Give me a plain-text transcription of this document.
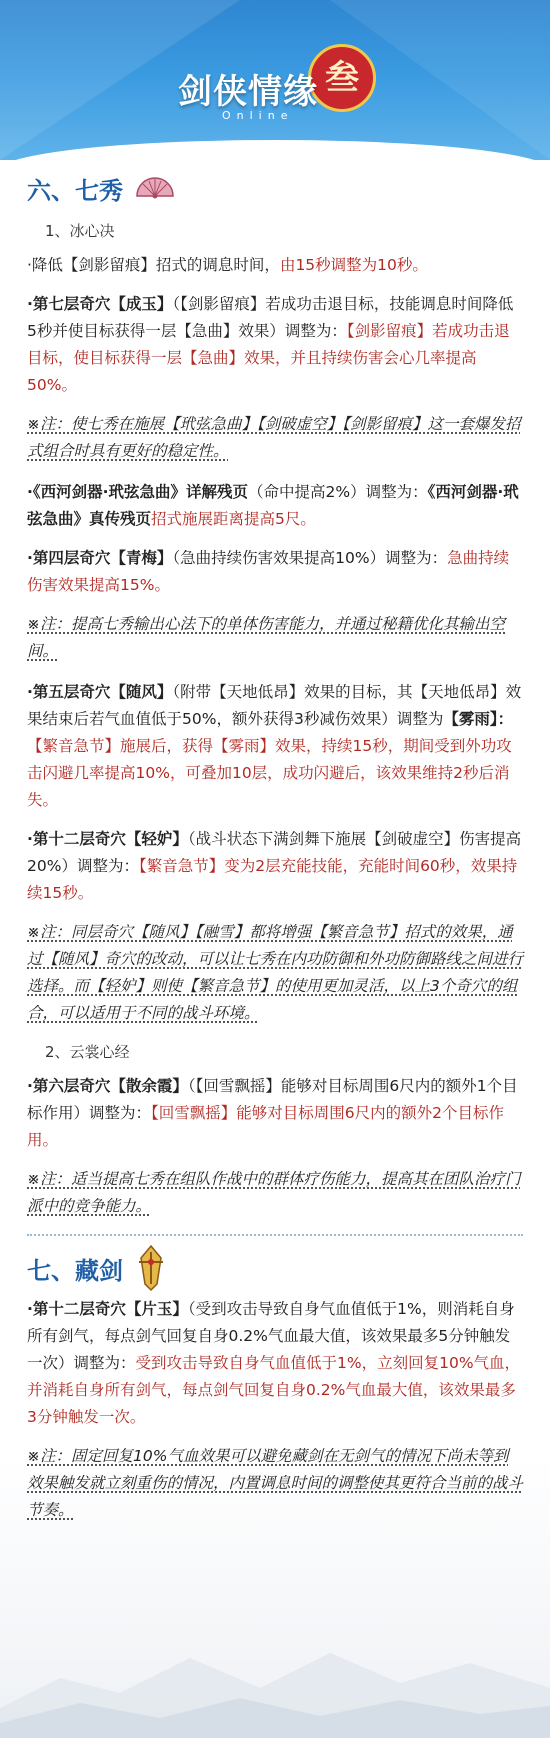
叁
剑侠情缘
Online
六、七秀
1、冰心决

·降低【剑影留痕】招式的调息时间，由15秒调整为10秒。

·第七层奇穴【成玉】（【剑影留痕】若成功击退目标，技能调息时间降低5秒并使目标获得一层【急曲】效果）调整为：【剑影留痕】若成功击退目标，使目标获得一层【急曲】效果，并且持续伤害会心几率提高50%。

※注：使七秀在施展【玳弦急曲】【剑破虚空】【剑影留痕】这一套爆发招式组合时具有更好的稳定性。

·《西河剑器·玳弦急曲》详解残页（命中提高2%）调整为：《西河剑器·玳弦急曲》真传残页招式施展距离提高5尺。

·第四层奇穴【青梅】（急曲持续伤害效果提高10%）调整为：急曲持续伤害效果提高15%。

※注：提高七秀输出心法下的单体伤害能力，并通过秘籍优化其输出空间。

·第五层奇穴【随风】（附带【天地低昂】效果的目标，其【天地低昂】效果结束后若气血值低于50%，额外获得3秒减伤效果）调整为【雾雨】：【繁音急节】施展后，获得【雾雨】效果，持续15秒，期间受到外功攻击闪避几率提高10%，可叠加10层，成功闪避后，该效果维持2秒后消失。

·第十二层奇穴【轻妒】（战斗状态下满剑舞下施展【剑破虚空】伤害提高20%）调整为：【繁音急节】变为2层充能技能，充能时间60秒，效果持续15秒。

※注：同层奇穴【随风】【融雪】都将增强【繁音急节】招式的效果，通过【随风】奇穴的改动，可以让七秀在内功防御和外功防御路线之间进行选择。而【轻妒】则使【繁音急节】的使用更加灵活，以上3个奇穴的组合，可以适用于不同的战斗环境。

2、云裳心经

·第六层奇穴【散余霞】（【回雪飘摇】能够对目标周围6尺内的额外1个目标作用）调整为：【回雪飘摇】能够对目标周围6尺内的额外2个目标作用。

※注：适当提高七秀在组队作战中的群体疗伤能力，提高其在团队治疗门派中的竞争能力。

七、藏剑

·第十二层奇穴【片玉】（受到攻击导致自身气血值低于1%，则消耗自身所有剑气，每点剑气回复自身0.2%气血最大值，该效果最多5分钟触发一次）调整为：受到攻击导致自身气血值低于1%，立刻回复10%气血，并消耗自身所有剑气，每点剑气回复自身0.2%气血最大值，该效果最多3分钟触发一次。

※注：固定回复10%气血效果可以避免藏剑在无剑气的情况下尚未等到效果触发就立刻重伤的情况，内置调息时间的调整使其更符合当前的战斗节奏。
